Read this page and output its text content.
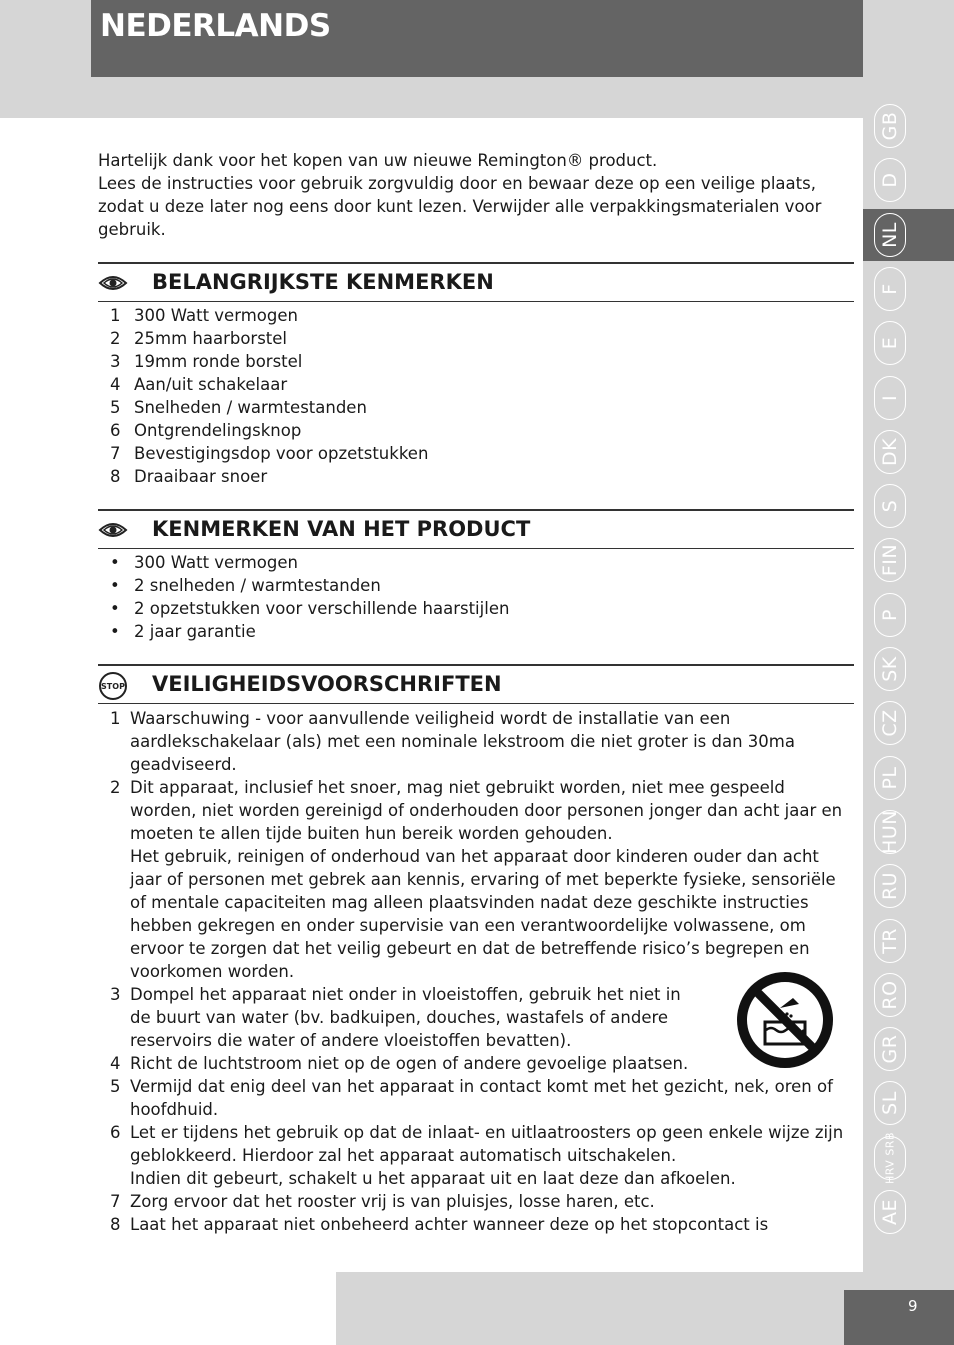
NEDERLANDS
GB
D
NL
F
E
I
DK
S
FIN
P
SK
CZ
PL
HUN
RU
TR
RO
GR
SL
HRV SRB
AE

Hartelijk dank voor het kopen van uw nieuwe Remington® product.

Lees de instructies voor gebruik zorgvuldig door en bewaar deze op een veilige plaats, zodat u deze later nog eens door kunt lezen. Verwijder alle verpakkingsmaterialen voor gebruik.

BELANGRIJKSTE KENMERKEN
1 300 Watt vermogen
2 25mm haarborstel
3 19mm ronde borstel
4 Aan/uit schakelaar
5 Snelheden / warmtestanden
6 Ontgrendelingsknop
7 Bevestigingsdop voor opzetstukken
8 Draaibaar snoer
KENMERKEN VAN HET PRODUCT
• 300 Watt vermogen
• 2 snelheden / warmtestanden
• 2 opzetstukken voor verschillende haarstijlen
• 2 jaar garantie
STOP VEILIGHEIDSVOORSCHRIFTEN
1 Waarschuwing - voor aanvullende veiligheid wordt de installatie van een aardlekschakelaar (als) met een nominale lekstroom die niet groter is dan 30ma geadviseerd.

2 Dit apparaat, inclusief het snoer, mag niet gebruikt worden, niet mee gespeeld worden, niet worden gereinigd of onderhouden door personen jonger dan acht jaar en moeten te allen tijde buiten hun bereik worden gehouden.

Het gebruik, reinigen of onderhoud van het apparaat door kinderen ouder dan acht jaar of personen met gebrek aan kennis, ervaring of met beperkte fysieke, sensoriële of mentale capaciteiten mag alleen plaatsvinden nadat deze geschikte instructies hebben gekregen en onder supervisie van een verantwoordelijke volwassene, om ervoor te zorgen dat het veilig gebeurt en dat de betreffende risico’s begrepen en voorkomen worden.

3 Dompel het apparaat niet onder in vloeistoffen, gebruik het niet in de buurt van water (bv. badkuipen, douches, wastafels of andere reservoirs die water of andere vloeistoffen bevatten).

4 Richt de luchtstroom niet op de ogen of andere gevoelige plaatsen.

5 Vermijd dat enig deel van het apparaat in contact komt met het gezicht, nek, oren of hoofdhuid.

6 Let er tijdens het gebruik op dat de inlaat- en uitlaatroosters op geen enkele wijze zijn geblokkeerd. Hierdoor zal het apparaat automatisch uitschakelen.

Indien dit gebeurt, schakelt u het apparaat uit en laat deze dan afkoelen.

7 Zorg ervoor dat het rooster vrij is van pluisjes, losse haren, etc.

8 Laat het apparaat niet onbeheerd achter wanneer deze op het stopcontact is

9
